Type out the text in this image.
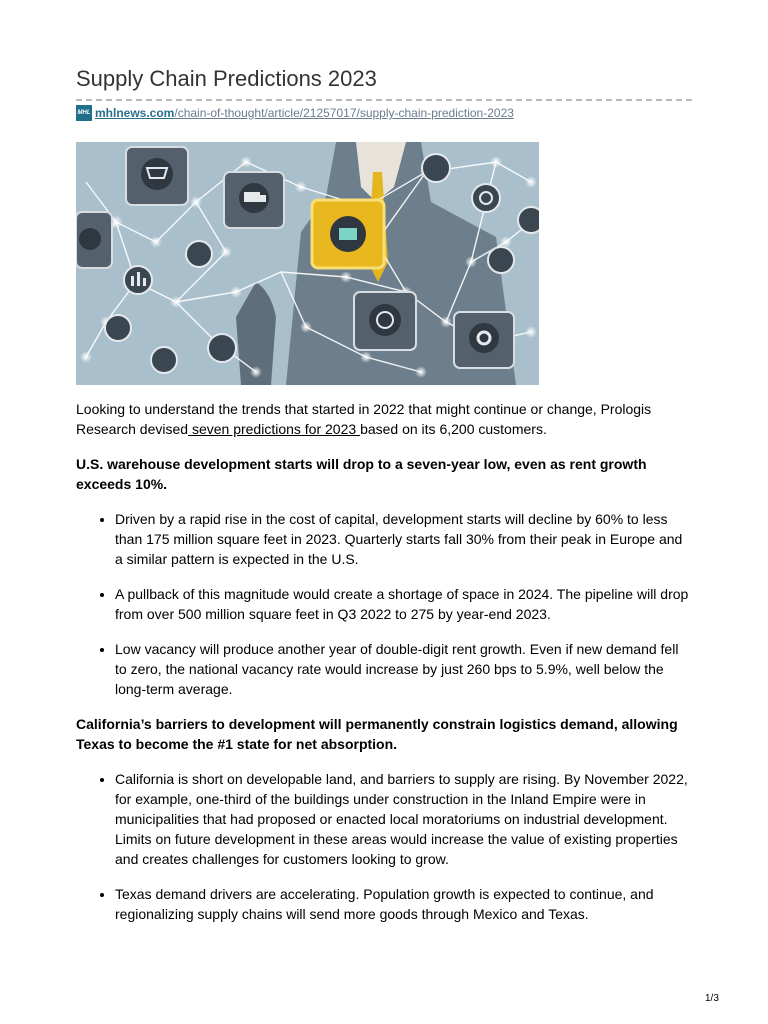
Supply Chain Predictions 2023
MHL mhlnews.com/chain-of-thought/article/21257017/supply-chain-prediction-2023

Looking to understand the trends that started in 2022 that might continue or change, Prologis Research devised seven predictions for 2023 based on its 6,200 customers.

U.S. warehouse development starts will drop to a seven-year low, even as rent growth exceeds 10%.

• Driven by a rapid rise in the cost of capital, development starts will decline by 60% to less than 175 million square feet in 2023. Quarterly starts fall 30% from their peak in Europe and a similar pattern is expected in the U.S.
• A pullback of this magnitude would create a shortage of space in 2024. The pipeline will drop from over 500 million square feet in Q3 2022 to 275 by year-end 2023.
• Low vacancy will produce another year of double-digit rent growth. Even if new demand fell to zero, the national vacancy rate would increase by just 260 bps to 5.9%, well below the long-term average.

California’s barriers to development will permanently constrain logistics demand, allowing Texas to become the #1 state for net absorption.

• California is short on developable land, and barriers to supply are rising. By November 2022, for example, one-third of the buildings under construction in the Inland Empire were in municipalities that had proposed or enacted local moratoriums on industrial development. Limits on future development in these areas would increase the value of existing properties and creates challenges for customers looking to grow.
• Texas demand drivers are accelerating. Population growth is expected to continue, and regionalizing supply chains will send more goods through Mexico and Texas.
1/3
